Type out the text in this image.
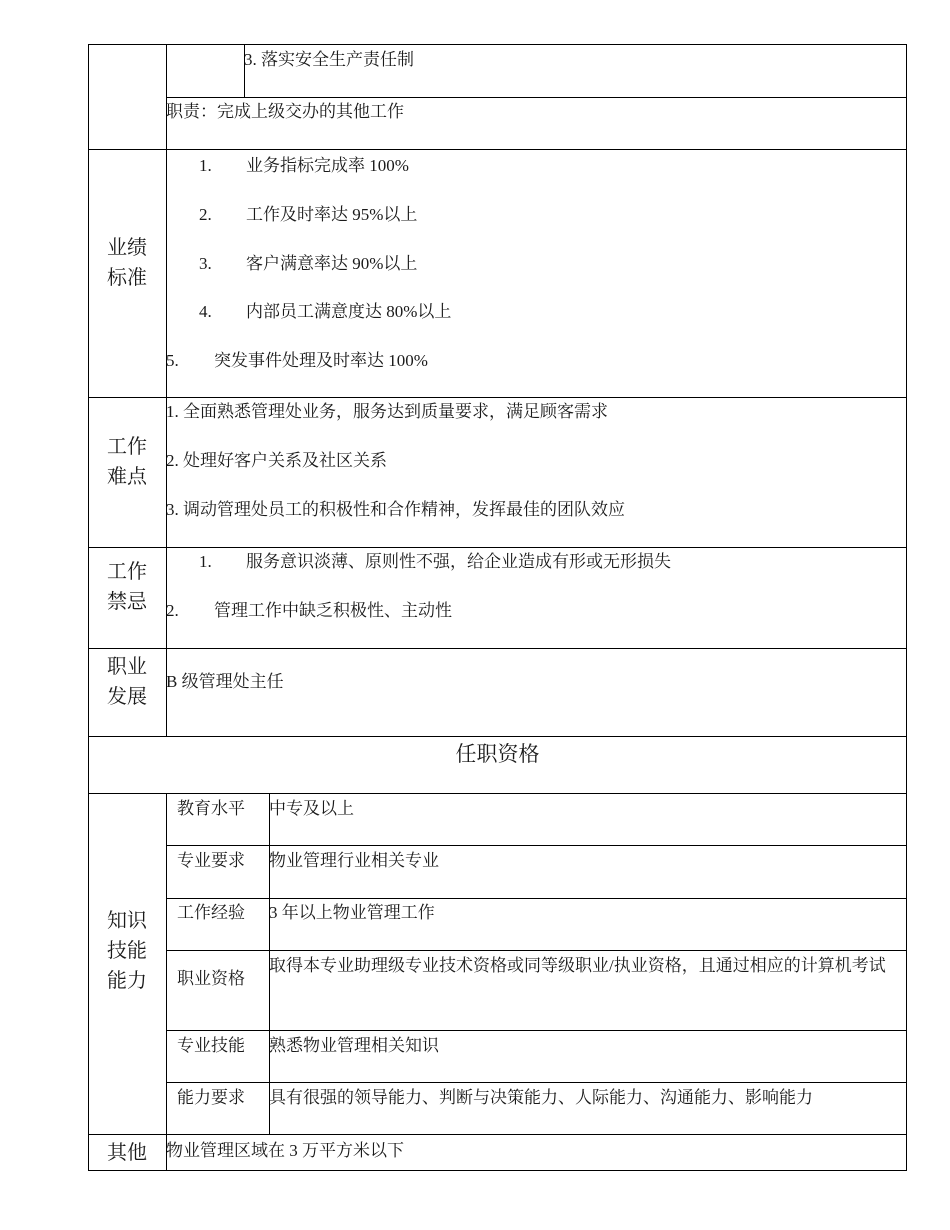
3. 落实安全生产责任制
职责：完成上级交办的其他工作
业绩
标准
1. 业务指标完成率 100%
2. 工作及时率达 95%以上
3. 客户满意率达 90%以上
4. 内部员工满意度达 80%以上
5. 突发事件处理及时率达 100%
工作
难点
1. 全面熟悉管理处业务，服务达到质量要求，满足顾客需求
2. 处理好客户关系及社区关系
3. 调动管理处员工的积极性和合作精神，发挥最佳的团队效应
工作
禁忌
1. 服务意识淡薄、原则性不强，给企业造成有形或无形损失
2. 管理工作中缺乏积极性、主动性
职业
发展
B 级管理处主任
任职资格
知识
技能
能力
教育水平 中专及以上
专业要求 物业管理行业相关专业
工作经验 3 年以上物业管理工作
职业资格
取得本专业助理级专业技术资格或同等级职业/执业资格，且通过相应的计算机考试
专业技能 熟悉物业管理相关知识
能力要求 具有很强的领导能力、判断与决策能力、人际能力、沟通能力、影响能力
其他	物业管理区域在 3 万平方米以下
